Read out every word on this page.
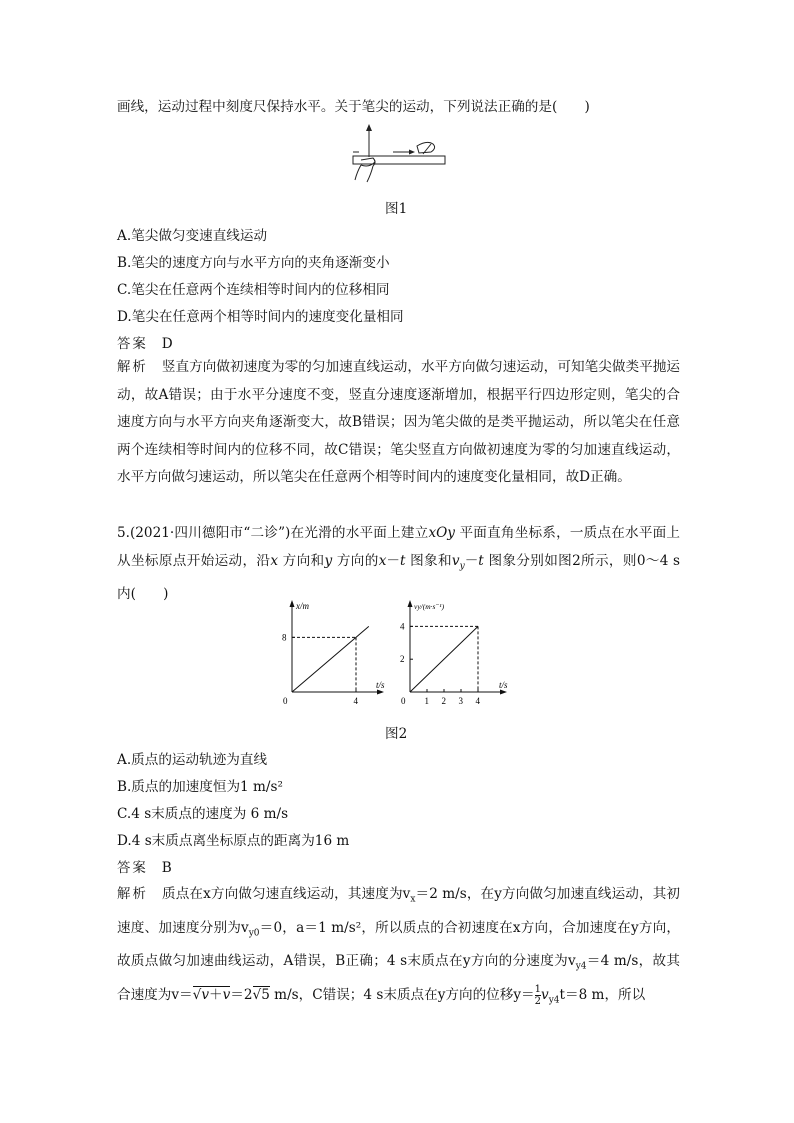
画线，运动过程中刻度尺保持水平。关于笔尖的运动，下列说法正确的是(　　)
图1
A.笔尖做匀变速直线运动
B.笔尖的速度方向与水平方向的夹角逐渐变小
C.笔尖在任意两个连续相等时间内的位移相同
D.笔尖在任意两个相等时间内的速度变化量相同
答案 D
解析 竖直方向做初速度为零的匀加速直线运动，水平方向做匀速运动，可知笔尖做类平抛运动，故A错误；由于水平分速度不变，竖直分速度逐渐增加，根据平行四边形定则，笔尖的合速度方向与水平方向夹角逐渐变大，故B错误；因为笔尖做的是类平抛运动，所以笔尖在任意两个连续相等时间内的位移不同，故C错误；笔尖竖直方向做初速度为零的匀加速直线运动，水平方向做匀速运动，所以笔尖在任意两个相等时间内的速度变化量相同，故D正确。
5.(2021·四川德阳市“二诊”)在光滑的水平面上建立xOy 平面直角坐标系，一质点在水平面上从坐标原点开始运动，沿x 方向和y 方向的x－t 图象和$v_y-t$ 图象分别如图2所示，则0～4 s内(　　)
x/m
t/s
0	4
8
vy/(m·s⁻¹)
t/s
0 1 2 3 4
2
4
图2
A.质点的运动轨迹为直线
B.质点的加速度恒为1 m/s²
C.4 s末质点的速度为 6 m/s
D.4 s末质点离坐标原点的距离为16 m
答案 B
解析 质点在x方向做匀速直线运动，其速度为$v_x=2$ m/s，在y方向做匀加速直线运动，其初速度、加速度分别为$v_{y0}=0$，a＝1 m/s²，所以质点的合初速度在x方向，合加速度在y方向，故质点做匀加速曲线运动，A错误，B正确；4 s末质点在y方向的分速度为$v_{y4}=4$ m/s，故其合速度为v＝√v＋v＝2√5 m/s，C错误；4 s末质点在y方向的位移$y= \frac{1}{2} v_{y4}t=8$ m，所以
